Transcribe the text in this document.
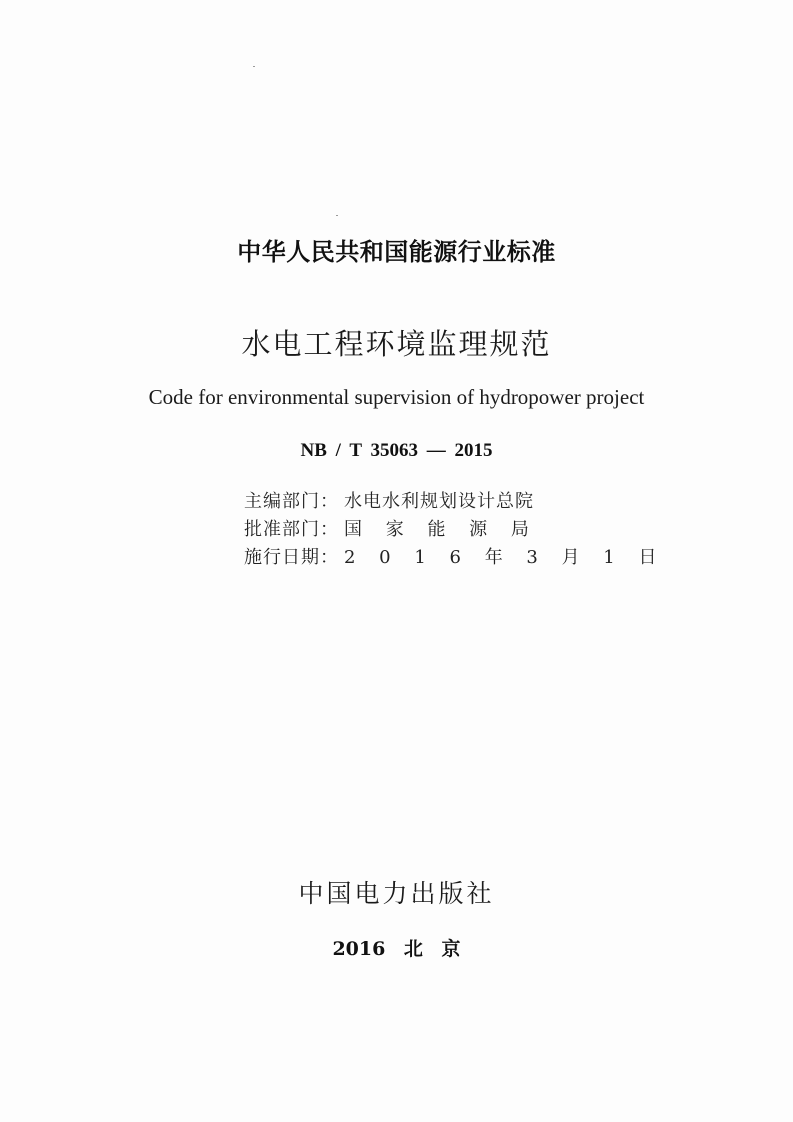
中华人民共和国能源行业标准
水电工程环境监理规范
Code for environmental supervision of hydropower project
NB / T 35063 — 2015
主编部门： 水电水利规划设计总院
批准部门： 国 家 能 源 局
施行日期： 2 0 1 6 年 3 月 1 日
中国电力出版社
2016 北 京
